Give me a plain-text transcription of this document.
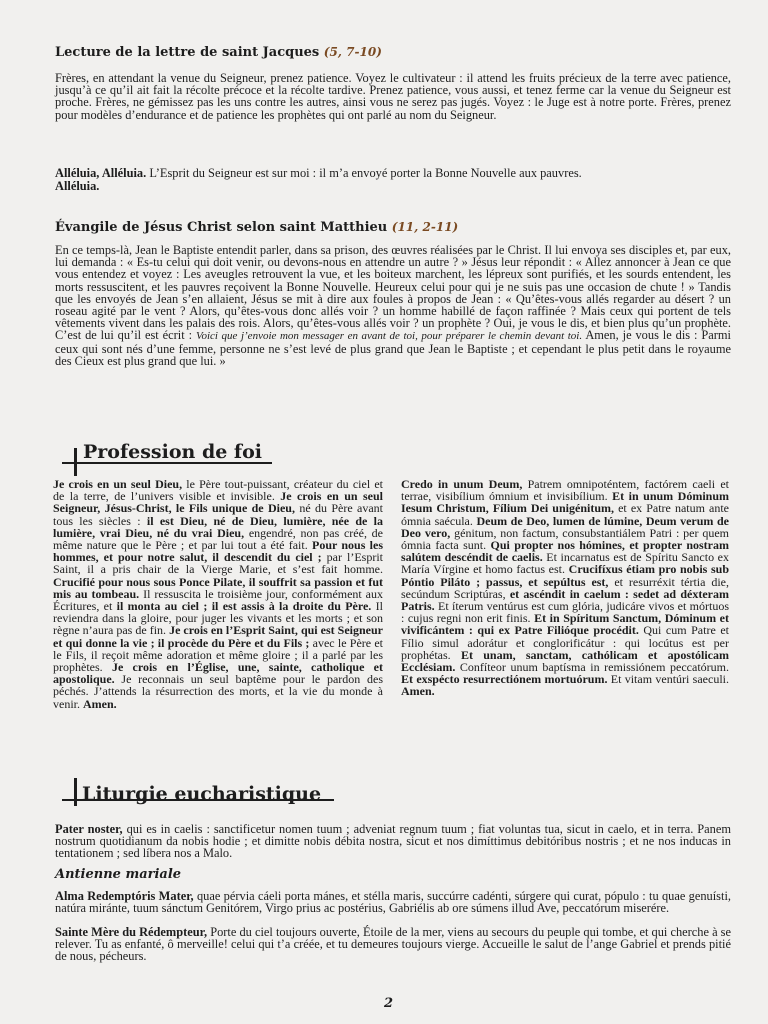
Lecture de la lettre de saint Jacques (5, 7-10)

Frères, en attendant la venue du Seigneur, prenez patience. Voyez le cultivateur : il attend les fruits précieux de la terre avec patience, jusqu’à ce qu’il ait fait la récolte précoce et la récolte tardive. Prenez patience, vous aussi, et tenez ferme car la venue du Seigneur est proche. Frères, ne gémissez pas les uns contre les autres, ainsi vous ne serez pas jugés. Voyez : le Juge est à notre porte. Frères, prenez pour modèles d’endurance et de patience les prophètes qui ont parlé au nom du Seigneur.

Alléluia, Alléluia. L’Esprit du Seigneur est sur moi : il m’a envoyé porter la Bonne Nouvelle aux pauvres.
Alléluia.

Évangile de Jésus Christ selon saint Matthieu (11, 2-11)

En ce temps-là, Jean le Baptiste entendit parler, dans sa prison, des œuvres réalisées par le Christ. Il lui envoya ses disciples et, par eux, lui demanda : « Es-tu celui qui doit venir, ou devons-nous en attendre un autre ? » Jésus leur répondit : « Allez annoncer à Jean ce que vous entendez et voyez : Les aveugles retrouvent la vue, et les boiteux marchent, les lépreux sont purifiés, et les sourds entendent, les morts ressuscitent, et les pauvres reçoivent la Bonne Nouvelle. Heureux celui pour qui je ne suis pas une occasion de chute ! » Tandis que les envoyés de Jean s’en allaient, Jésus se mit à dire aux foules à propos de Jean : « Qu’êtes-vous allés regarder au désert ? un roseau agité par le vent ? Alors, qu’êtes-vous donc allés voir ? un homme habillé de façon raffinée ? Mais ceux qui portent de tels vêtements vivent dans les palais des rois. Alors, qu’êtes-vous allés voir ? un prophète ? Oui, je vous le dis, et bien plus qu’un prophète. C’est de lui qu’il est écrit : Voici que j’envoie mon messager en avant de toi, pour préparer le chemin devant toi. Amen, je vous le dis : Parmi ceux qui sont nés d’une femme, personne ne s’est levé de plus grand que Jean le Baptiste ; et cependant le plus petit dans le royaume des Cieux est plus grand que lui. »

Profession de foi
Je crois en un seul Dieu, le Père tout-puissant, créateur du ciel et de la terre, de l’univers visible et invisible. Je crois en un seul Seigneur, Jésus-Christ, le Fils unique de Dieu, né du Père avant tous les siècles : il est Dieu, né de Dieu, lumière, née de la lumière, vrai Dieu, né du vrai Dieu, engendré, non pas créé, de même nature que le Père ; et par lui tout a été fait. Pour nous les hommes, et pour notre salut, il descendit du ciel ; par l’Esprit Saint, il a pris chair de la Vierge Marie, et s’est fait homme. Crucifié pour nous sous Ponce Pilate, il souffrit sa passion et fut mis au tombeau. Il ressuscita le troisième jour, conformément aux Écritures, et il monta au ciel ; il est assis à la droite du Père. Il reviendra dans la gloire, pour juger les vivants et les morts ; et son règne n’aura pas de fin. Je crois en l’Esprit Saint, qui est Seigneur et qui donne la vie ; il procède du Père et du Fils ; avec le Père et le Fils, il reçoit même adoration et même gloire ; il a parlé par les prophètes. Je crois en l’Église, une, sainte, catholique et apostolique. Je reconnais un seul baptême pour le pardon des péchés. J’attends la résurrection des morts, et la vie du monde à venir. Amen.
Credo in unum Deum, Patrem omnipoténtem, factórem caeli et terrae, visibílium ómnium et invisibílium. Et in unum Dóminum Iesum Christum, Fílium Dei unigénitum, et ex Patre natum ante ómnia saécula. Deum de Deo, lumen de lúmine, Deum verum de Deo vero, génitum, non factum, consubstantiálem Patri : per quem ómnia facta sunt. Qui propter nos hómines, et propter nostram salútem descéndit de caelis. Et incarnatus est de Spíritu Sancto ex María Vírgine et homo factus est. Crucifíxus étiam pro nobis sub Póntio Piláto ; passus, et sepúltus est, et resurréxit tértia die, secúndum Scriptúras, et ascéndit in caelum : sedet ad déxteram Patris. Et íterum ventúrus est cum glória, judicáre vivos et mórtuos : cujus regni non erit finis. Et in Spíritum Sanctum, Dóminum et vivificántem : qui ex Patre Filióque procédit. Qui cum Patre et Fílio simul adorátur et conglorificátur : qui locútus est per prophétas. Et unam, sanctam, cathólicam et apostólicam Ecclésiam. Confíteor unum baptísma in remissiónem peccatórum. Et exspécto resurrectiónem mortuórum. Et vitam ventúri saeculi. Amen.
Liturgie eucharistique

Pater noster, qui es in caelis : sanctificetur nomen tuum ; adveniat regnum tuum ; fiat voluntas tua, sicut in caelo, et in terra. Panem nostrum quotidianum da nobis hodie ; et dimitte nobis débita nostra, sicut et nos dimíttimus debitóribus nostris ; et ne nos inducas in tentationem ; sed líbera nos a Malo.

Antienne mariale

Alma Redemptóris Mater, quae pérvia cáeli porta mánes, et stélla maris, succúrre cadénti, súrgere qui curat, pópulo : tu quae genuísti, natúra miránte, tuum sánctum Genitórem, Virgo prius ac postérius, Gabriélis ab ore súmens illud Ave, peccatórum miserére.

Sainte Mère du Rédempteur, Porte du ciel toujours ouverte, Étoile de la mer, viens au secours du peuple qui tombe, et qui cherche à se relever. Tu as enfanté, ô merveille! celui qui t’a créée, et tu demeures toujours vierge. Accueille le salut de l’ange Gabriel et prends pitié de nous, pécheurs.

2
